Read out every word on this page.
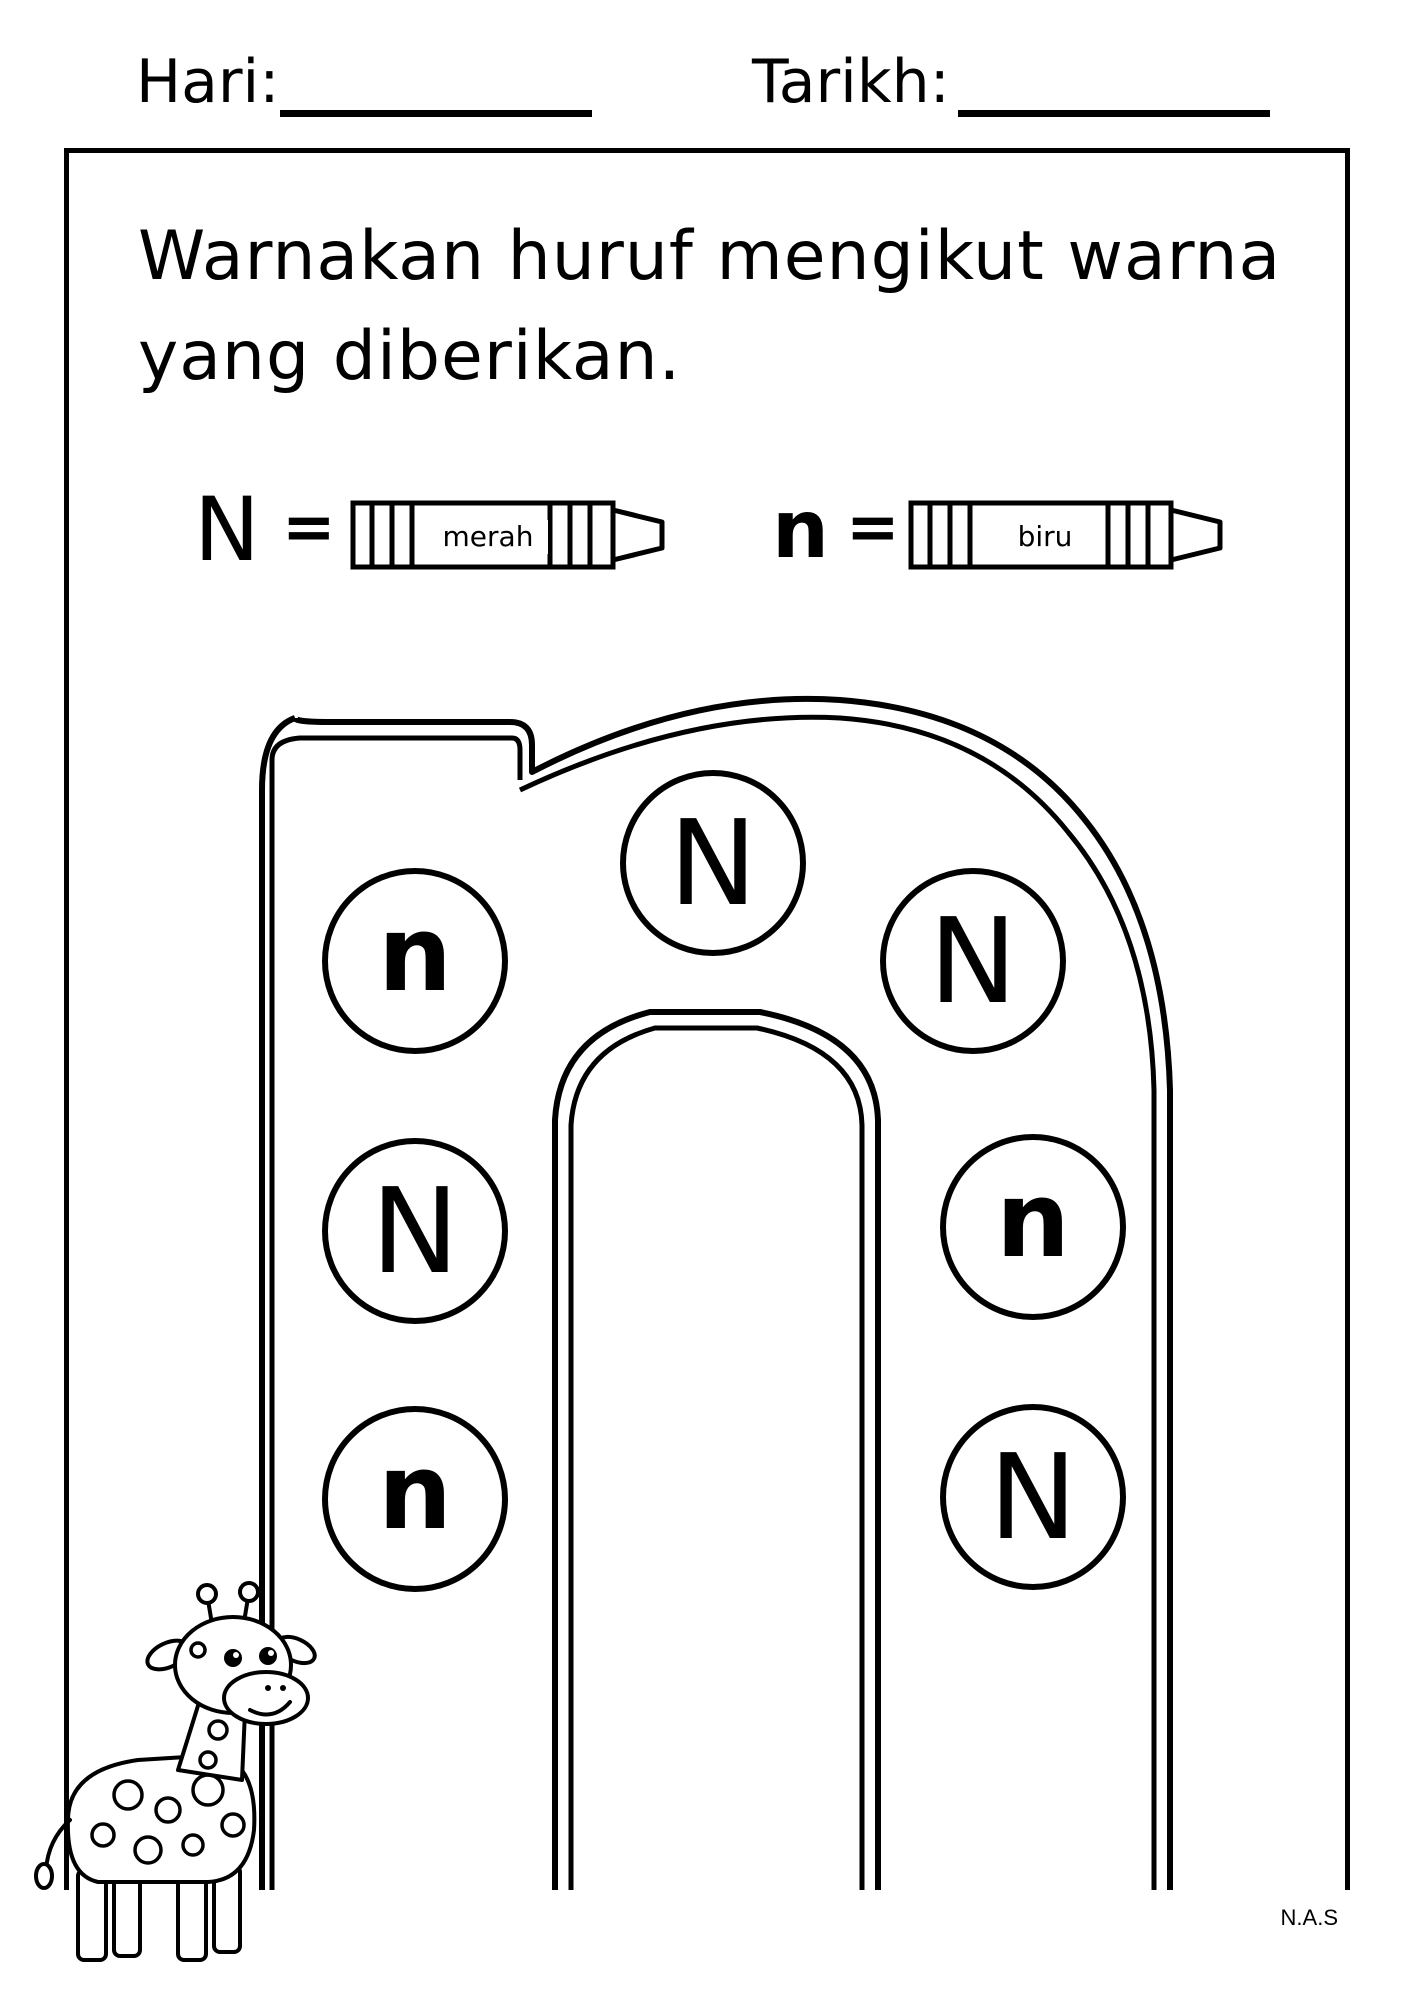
Hari:	Tarikh:
Warnakan huruf mengikut warna
yang diberikan.
N =	merah	n =	biru
n
N
n
N
N
n
N
N.A.S
